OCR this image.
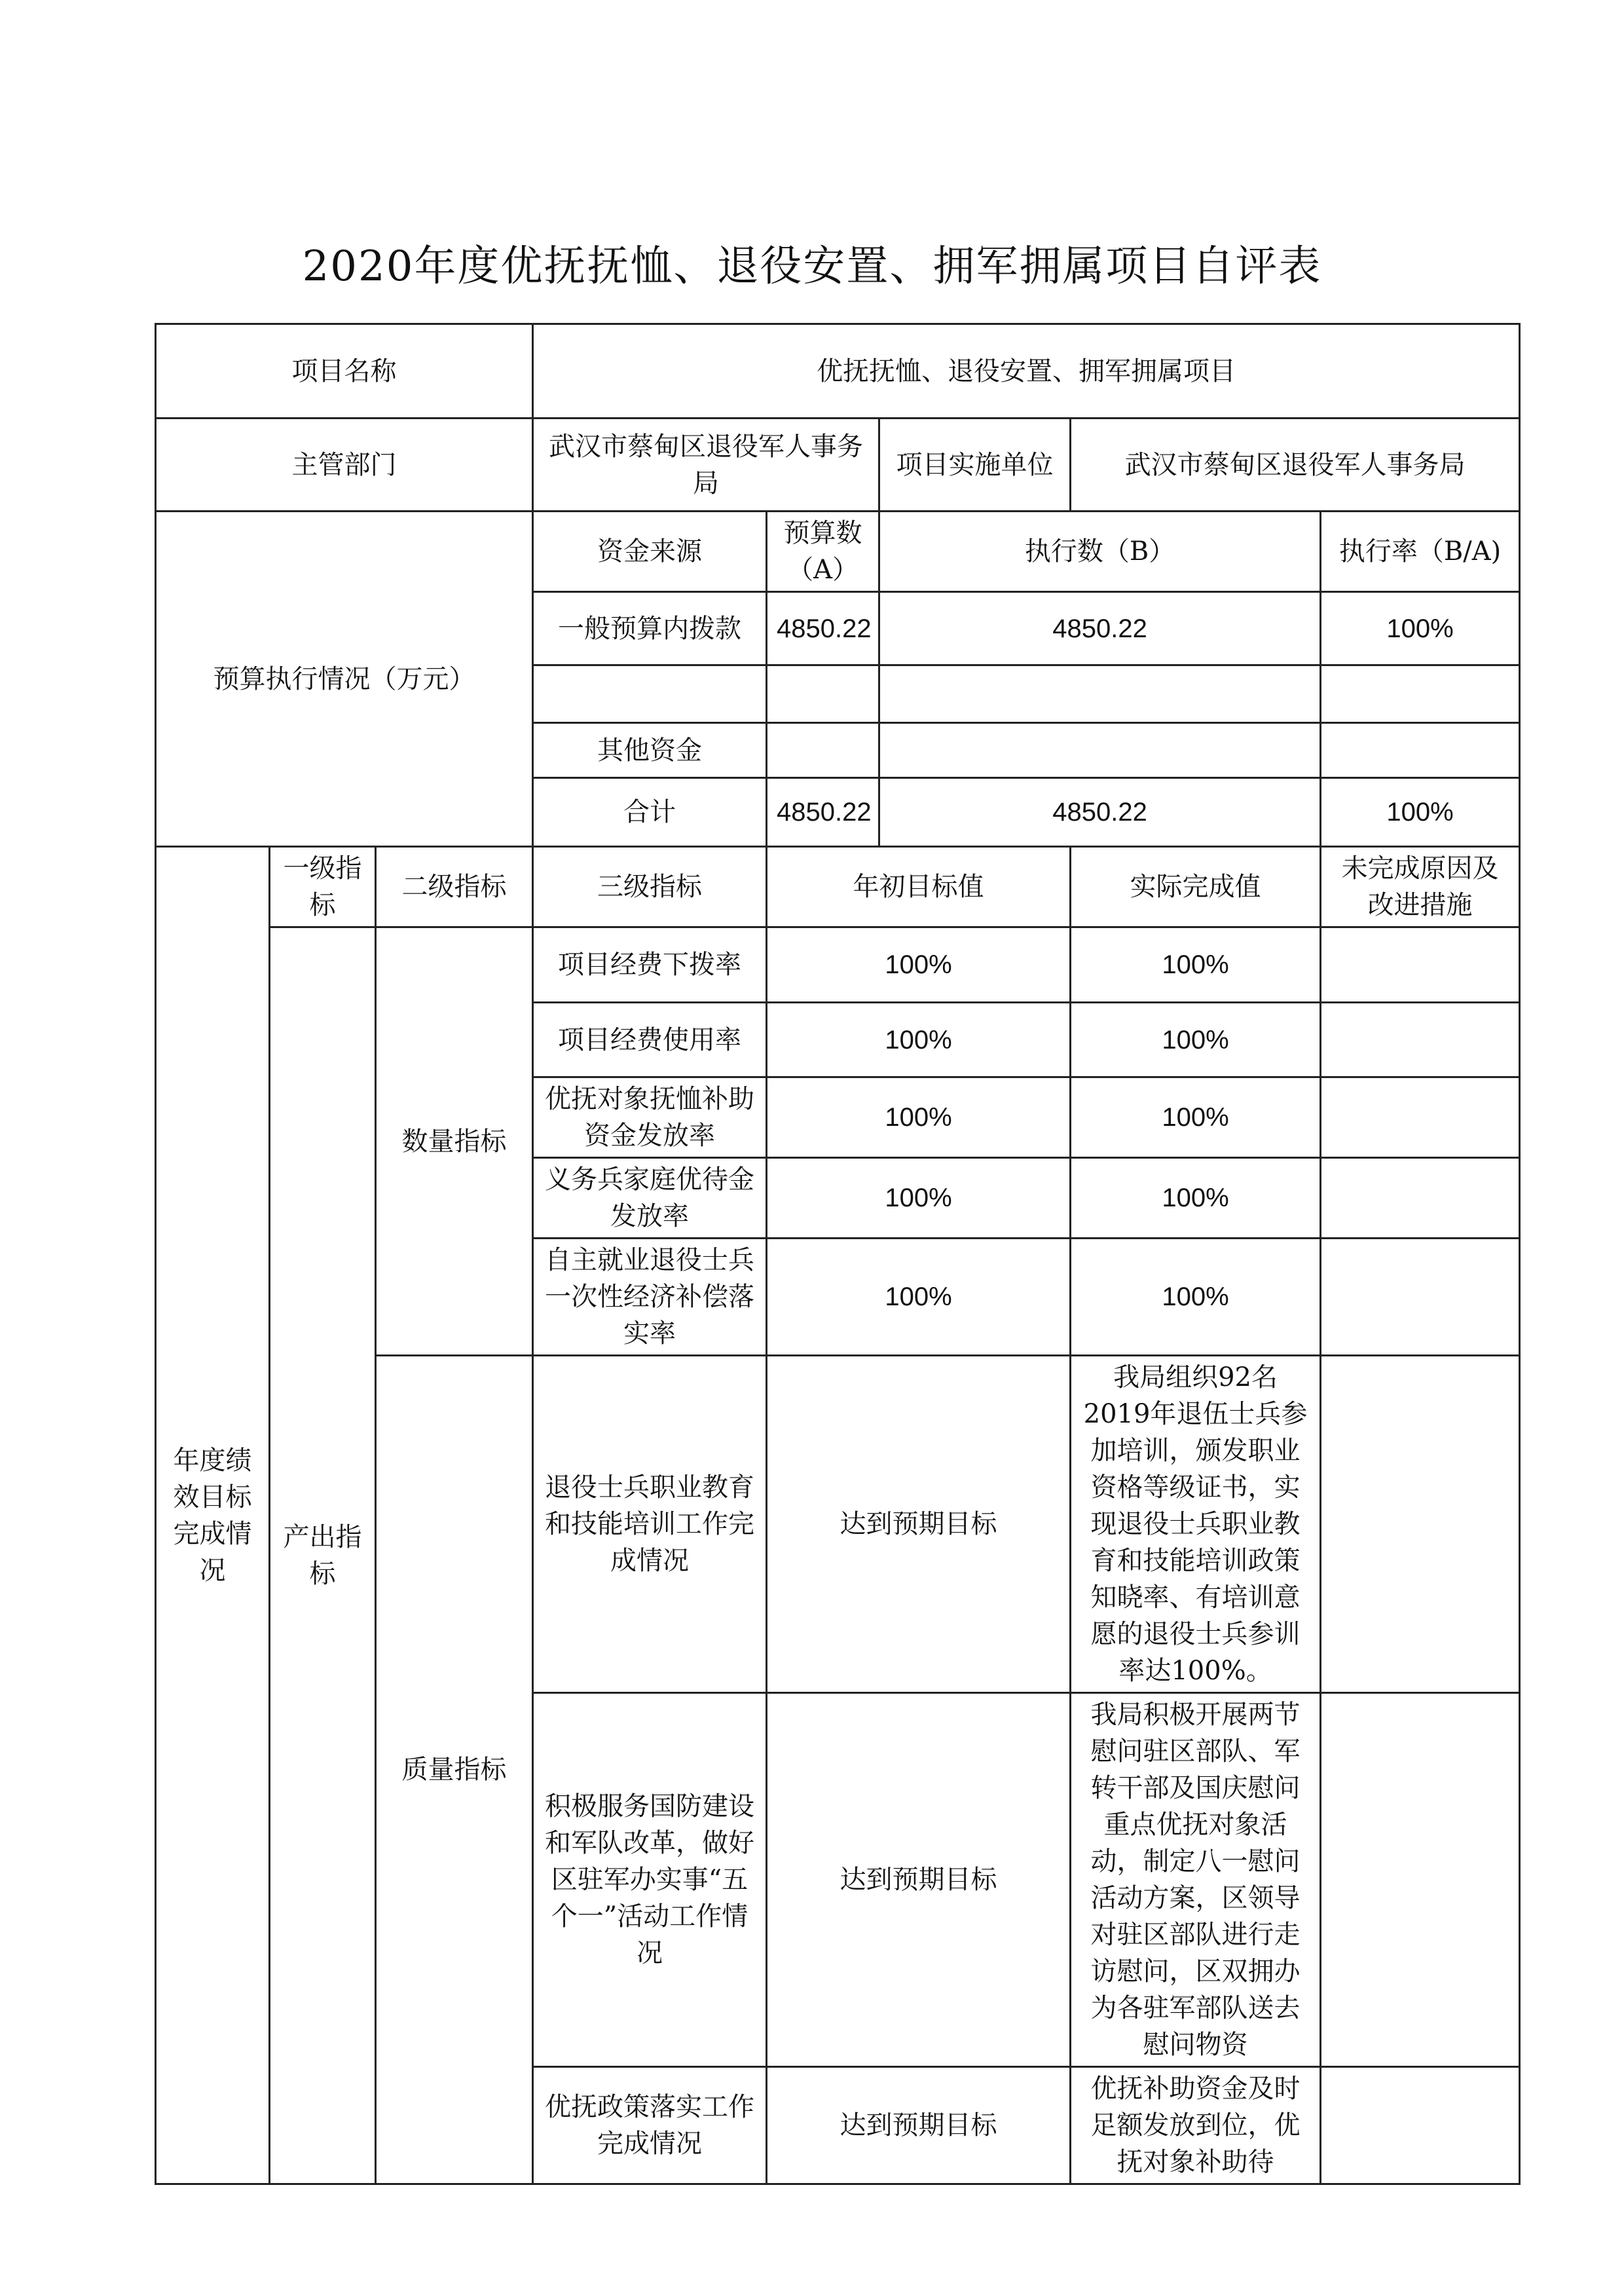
2020年度优抚抚恤、退役安置、拥军拥属项目自评表
项目名称			优抚抚恤、退役安置、拥军拥属项目				
主管部门			武汉市蔡甸区退役军人事务局		项目实施单位	武汉市蔡甸区退役军人事务局	
预算执行情况（万元）			资金来源	预算数（A）	执行数（B）		执行率（B/A)
			一般预算内拨款	4850.22	4850.22		100%

			其他资金				
			合计	4850.22	4850.22		100%
年度绩效目标完成情况	一级指标	二级指标	三级指标	年初目标值		实际完成值	未完成原因及改进措施
	产出指标	数量指标	项目经费下拨率	100%		100%	
			项目经费使用率	100%		100%	
			优抚对象抚恤补助资金发放率	100%		100%	
			义务兵家庭优待金发放率	100%		100%	
			自主就业退役士兵一次性经济补偿落实率	100%		100%	
		质量指标	退役士兵职业教育和技能培训工作完成情况	达到预期目标		我局组织92名2019年退伍士兵参加培训，颁发职业资格等级证书，实现退役士兵职业教育和技能培训政策知晓率、有培训意愿的退役士兵参训率达100%。	
			积极服务国防建设和军队改革，做好区驻军办实事“五个一”活动工作情况	达到预期目标		我局积极开展两节慰问驻区部队、军转干部及国庆慰问重点优抚对象活动，制定八一慰问活动方案，区领导对驻区部队进行走访慰问，区双拥办为各驻军部队送去慰问物资	
			优抚政策落实工作完成情况	达到预期目标		优抚补助资金及时足额发放到位，优抚对象补助待	
